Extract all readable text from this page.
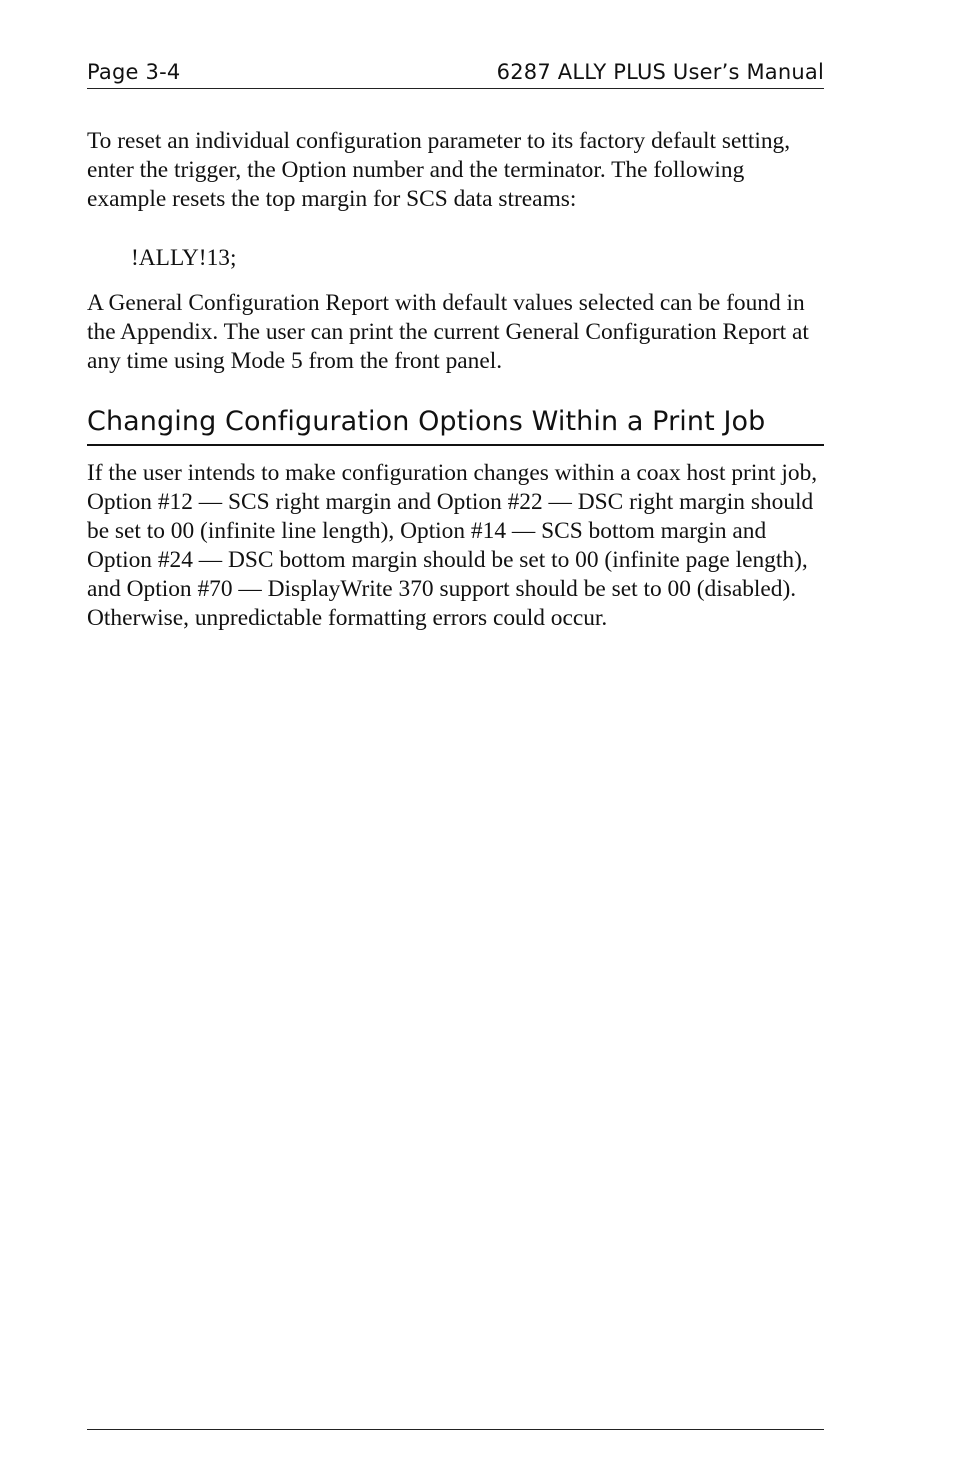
Page 3-4	6287 ALLY PLUS User’s Manual

To reset an individual configuration parameter to its factory default setting, enter the trigger, the Option number and the terminator. The following example resets the top margin for SCS data streams:

!ALLY!13;

A General Configuration Report with default values selected can be found in the Appendix. The user can print the current General Configuration Report at any time using Mode 5 from the front panel.

Changing Configuration Options Within a Print Job

If the user intends to make configuration changes within a coax host print job, Option #12 — SCS right margin and Option #22 — DSC right margin should be set to 00 (infinite line length), Option #14 — SCS bottom margin and Option #24 — DSC bottom margin should be set to 00 (infinite page length), and Option #70 — DisplayWrite 370 support should be set to 00 (disabled). Otherwise, unpredictable formatting errors could occur.
